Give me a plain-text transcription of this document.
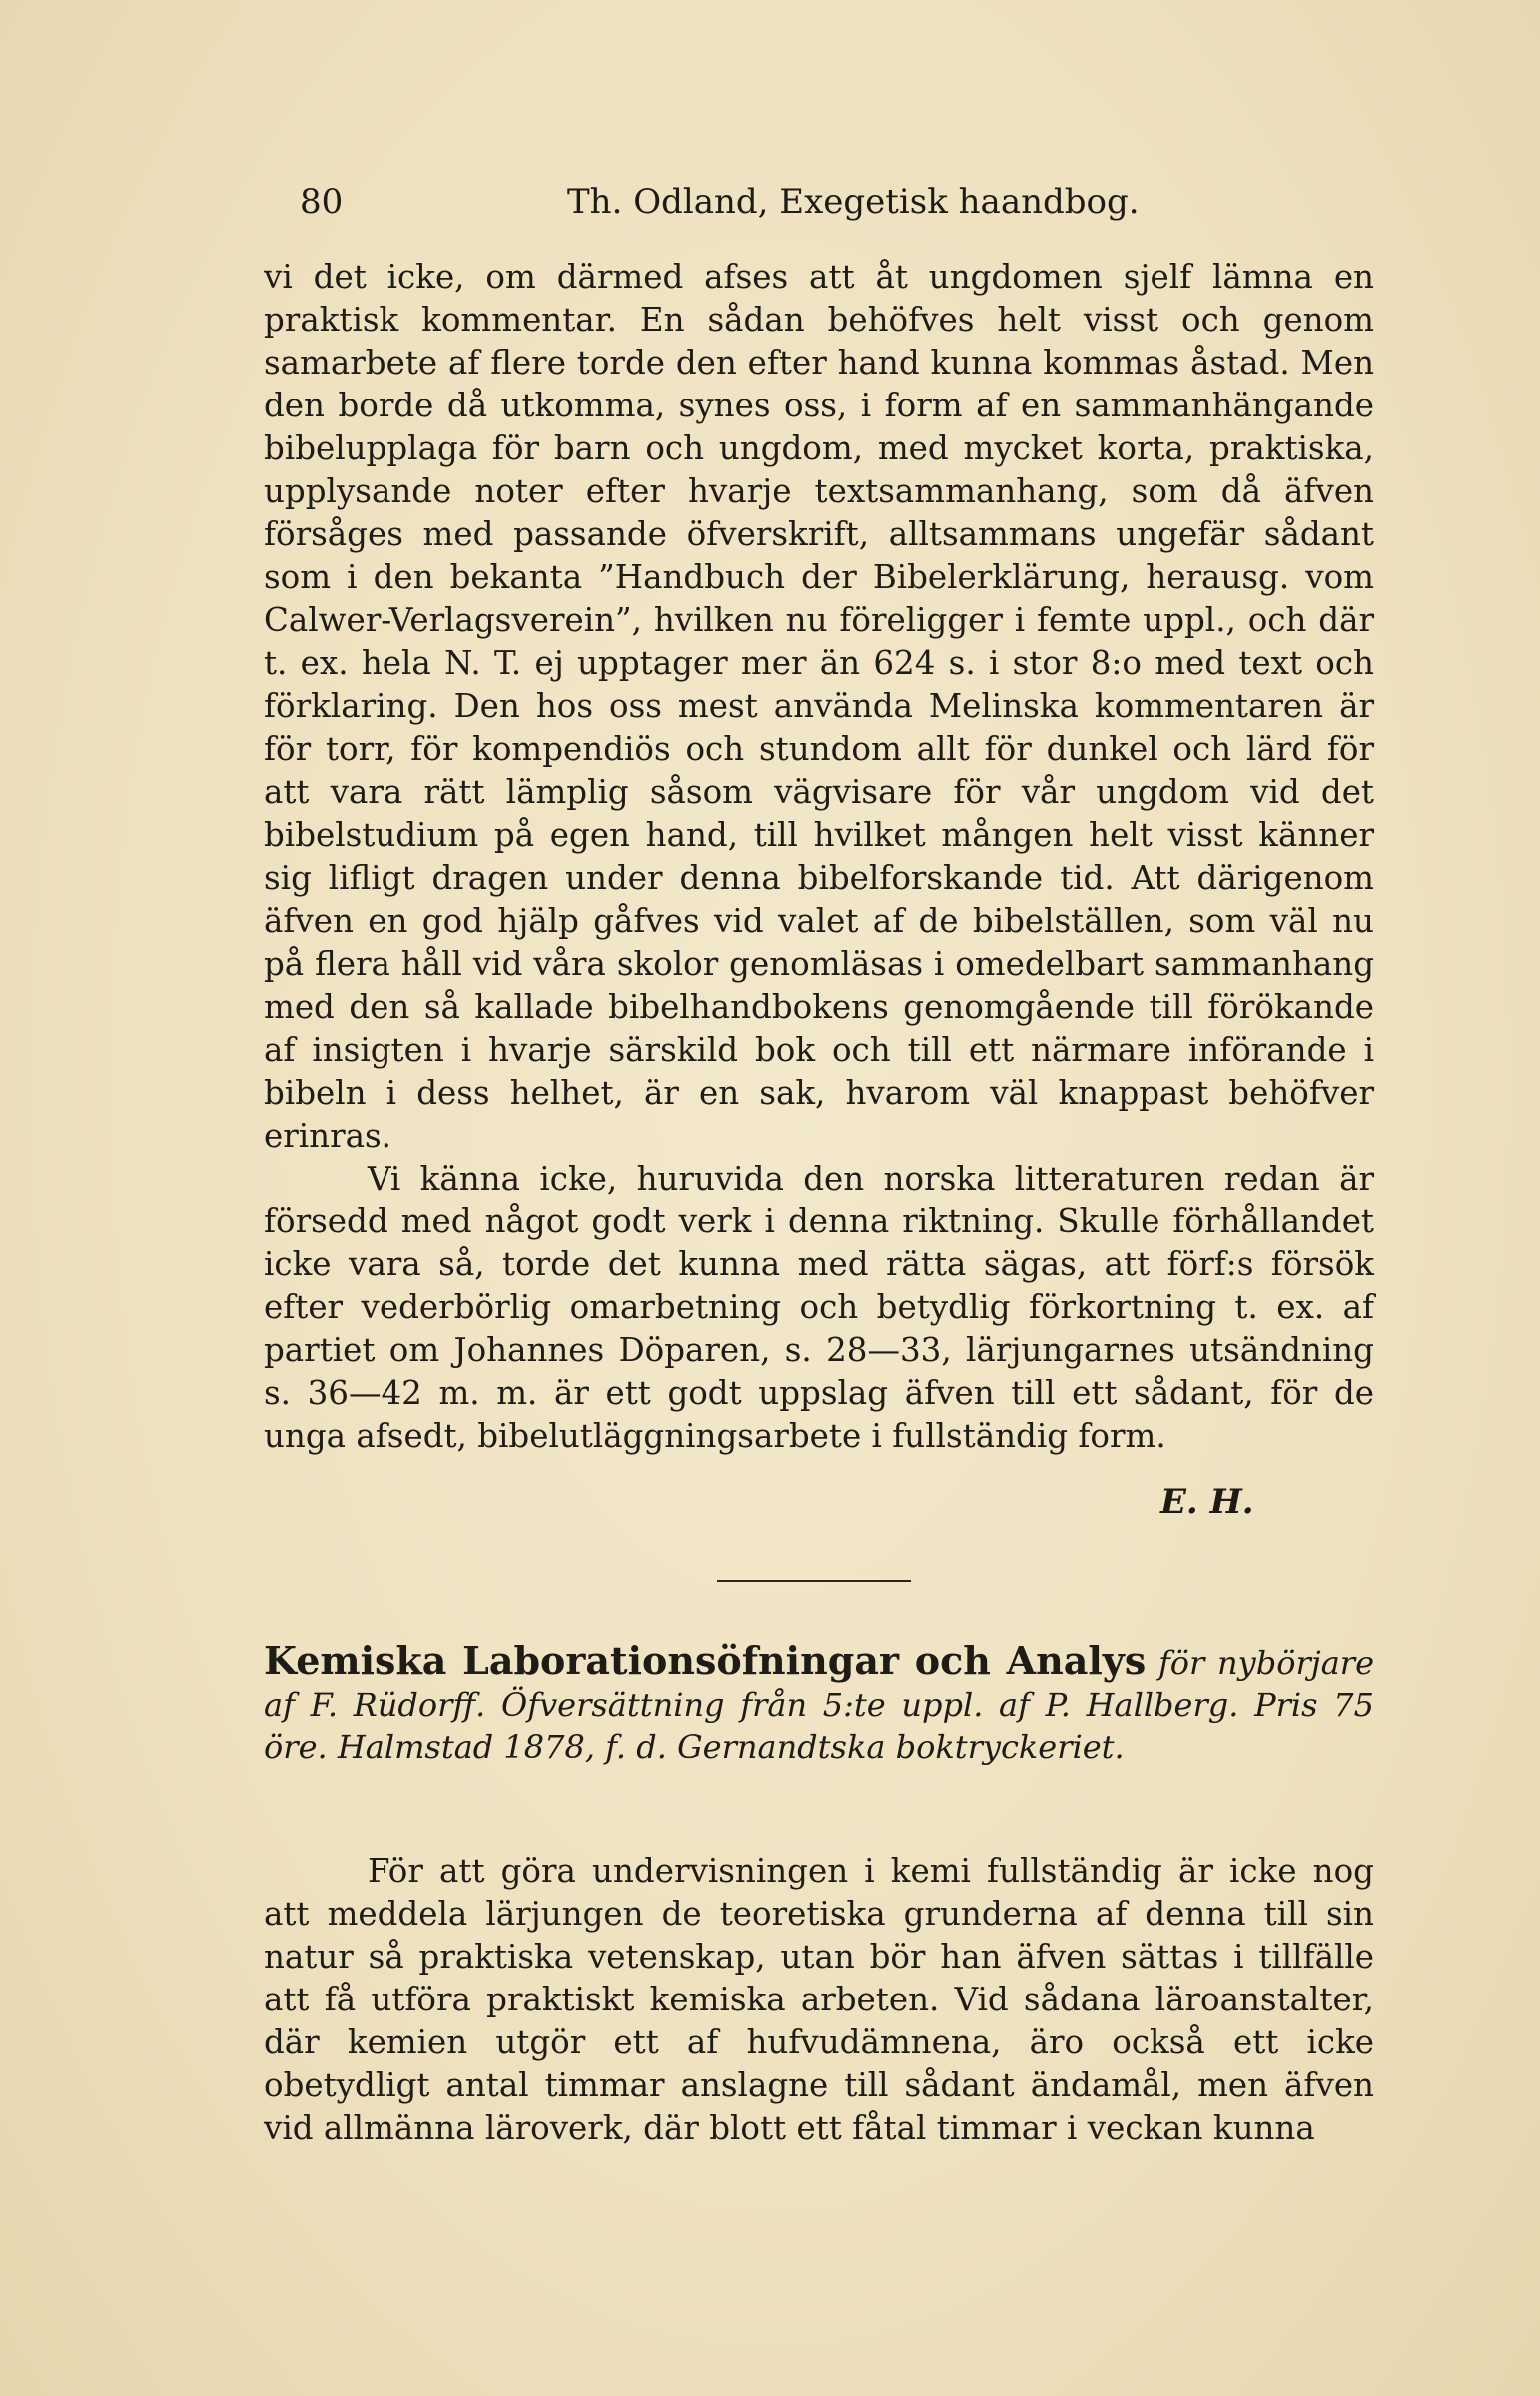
80	Th. Odland, Exegetisk haandbog.

vi det icke, om därmed afses att åt ungdomen sjelf lämna en praktisk kommentar. En sådan behöfves helt visst och genom samarbete af flere torde den efter hand kunna kommas åstad. Men den borde då utkomma, synes oss, i form af en sammanhängande bibelupplaga för barn och ungdom, med mycket korta, praktiska, upplysande noter efter hvarje textsammanhang, som då äfven försåges med passande öfverskrift, alltsammans ungefär sådant som i den bekanta ”Handbuch der Bibelerklärung, herausg. vom Calwer-Verlagsverein”, hvilken nu föreligger i femte uppl., och där t. ex. hela N. T. ej upptager mer än 624 s. i stor 8:o med text och förklaring. Den hos oss mest använda Melinska kommentaren är för torr, för kompendiös och stundom allt för dunkel och lärd för att vara rätt lämplig såsom vägvisare för vår ungdom vid det bibelstudium på egen hand, till hvilket mången helt visst känner sig lifligt dragen under denna bibelforskande tid. Att därigenom äfven en god hjälp gåfves vid valet af de bibelställen, som väl nu på flera håll vid våra skolor genomläsas i omedelbart sammanhang med den så kallade bibelhandbokens genomgående till förökande af insigten i hvarje särskild bok och till ett närmare införande i bibeln i dess helhet, är en sak, hvarom väl knappast behöfver erinras.

Vi känna icke, huruvida den norska litteraturen redan är försedd med något godt verk i denna riktning. Skulle förhållandet icke vara så, torde det kunna med rätta sägas, att förf:s försök efter vederbörlig omarbetning och betydlig förkortning t. ex. af partiet om Johannes Döparen, s. 28—33, lärjungarnes utsändning s. 36—42 m. m. är ett godt uppslag äfven till ett sådant, för de unga afsedt, bibelutläggningsarbete i fullständig form.

E. H.
Kemiska Laborationsöfningar och Analys för nybörjare af F. Rüdorff. Öfversättning från 5:te uppl. af P. Hallberg. Pris 75 öre. Halmstad 1878, f. d. Gernandtska boktryckeriet.

För att göra undervisningen i kemi fullständig är icke nog att meddela lärjungen de teoretiska grunderna af denna till sin natur så praktiska vetenskap, utan bör han äfven sättas i tillfälle att få utföra praktiskt kemiska arbeten. Vid sådana läroanstalter, där kemien utgör ett af hufvudämnena, äro också ett icke obetydligt antal timmar anslagne till sådant ändamål, men äfven vid allmänna läroverk, där blott ett fåtal timmar i veckan kunna
